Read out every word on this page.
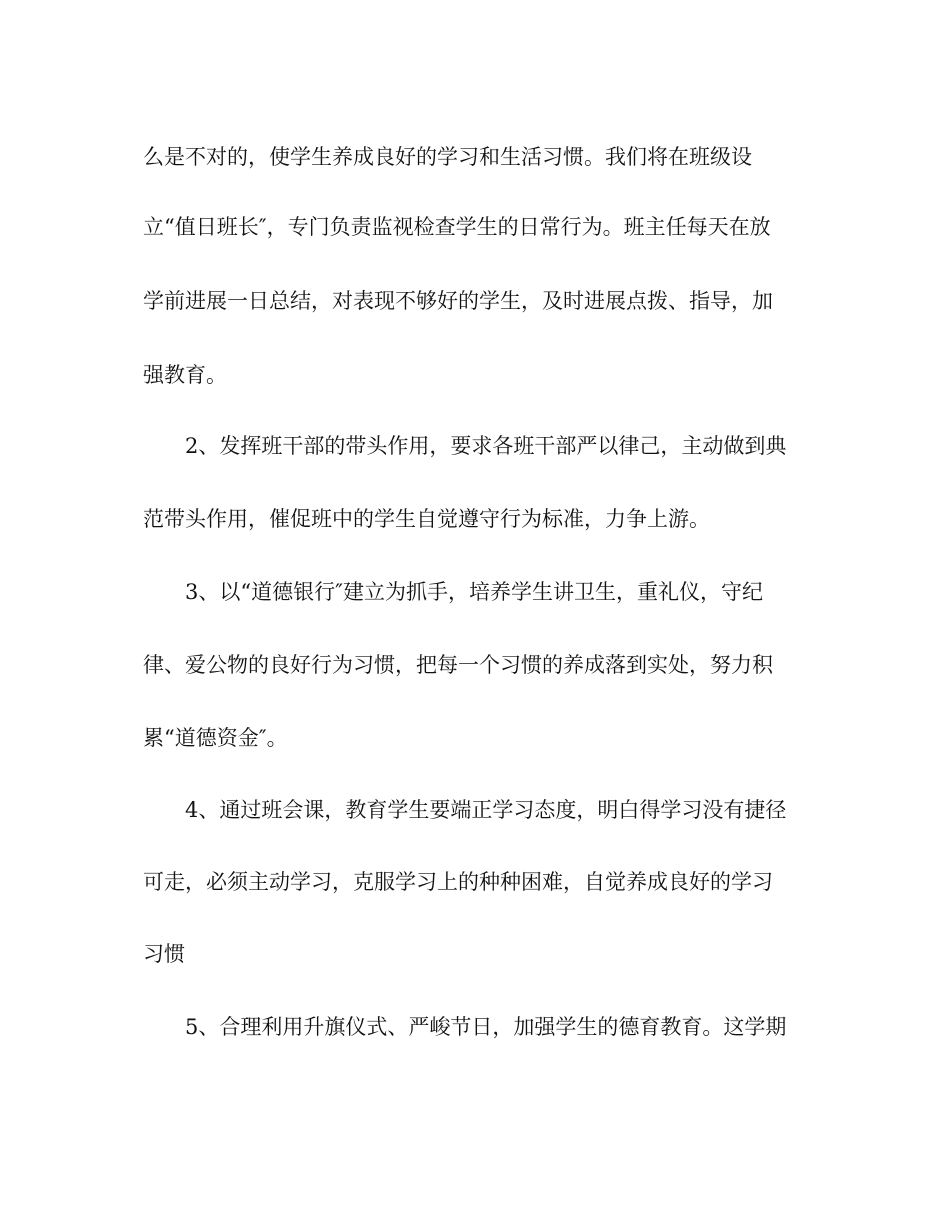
么是不对的，使学生养成良好的学习和生活习惯。我们将在班级设
立“值日班长″，专门负责监视检查学生的日常行为。班主任每天在放
学前进展一日总结，对表现不够好的学生，及时进展点拨、指导，加
强教育。
2、发挥班干部的带头作用，要求各班干部严以律己，主动做到典
范带头作用，催促班中的学生自觉遵守行为标准，力争上游。
3、以“道德银行″建立为抓手，培养学生讲卫生，重礼仪，守纪
律、爱公物的良好行为习惯，把每一个习惯的养成落到实处，努力积
累“道德资金″。
4、通过班会课，教育学生要端正学习态度，明白得学习没有捷径
可走，必须主动学习，克服学习上的种种困难，自觉养成良好的学习
习惯
5、合理利用升旗仪式、严峻节日，加强学生的德育教育。这学期
